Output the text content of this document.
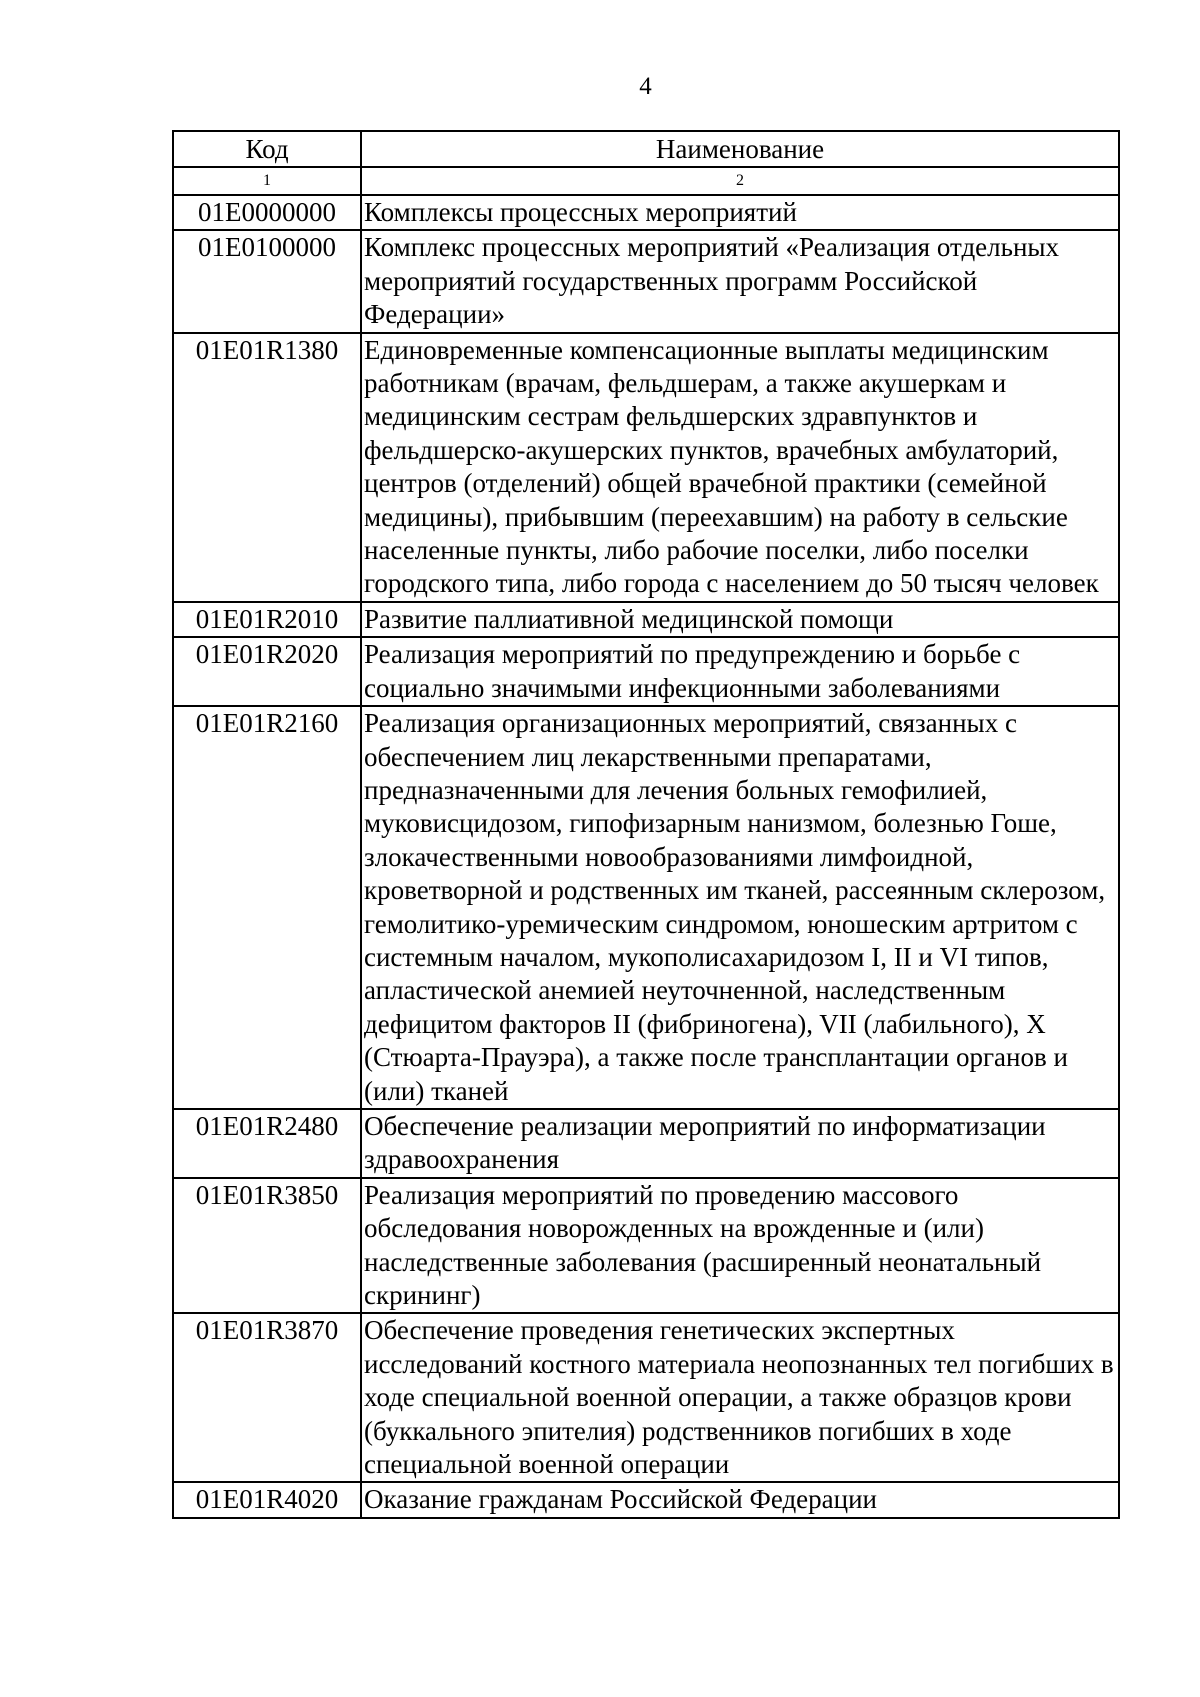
4
Код	Наименование
1	2
01Е0000000	Комплексы процессных мероприятий
01Е0100000	Комплекс процессных мероприятий «Реализация отдельных мероприятий государственных программ Российской Федерации»
01Е01R1380	Единовременные компенсационные выплаты медицинским работникам (врачам, фельдшерам, а также акушеркам и медицинским сестрам фельдшерских здравпунктов и фельдшерско-акушерских пунктов, врачебных амбулаторий, центров (отделений) общей врачебной практики (семейной медицины), прибывшим (переехавшим) на работу в сельские населенные пункты, либо рабочие поселки, либо поселки городского типа, либо города с населением до 50 тысяч человек
01Е01R2010	Развитие паллиативной медицинской помощи
01Е01R2020	Реализация мероприятий по предупреждению и борьбе с социально значимыми инфекционными заболеваниями
01Е01R2160	Реализация организационных мероприятий, связанных с обеспечением лиц лекарственными препаратами, предназначенными для лечения больных гемофилией, муковисцидозом, гипофизарным нанизмом, болезнью Гоше, злокачественными новообразованиями лимфоидной, кроветворной и родственных им тканей, рассеянным склерозом, гемолитико-уремическим синдромом, юношеским артритом с системным началом, мукополисахаридозом I, II и VI типов, апластической анемией неуточненной, наследственным дефицитом факторов II (фибриногена), VII (лабильного), X (Стюарта-Прауэра), а также после трансплантации органов и (или) тканей
01Е01R2480	Обеспечение реализации мероприятий по информатизации здравоохранения
01Е01R3850	Реализация мероприятий по проведению массового обследования новорожденных на врожденные и (или) наследственные заболевания (расширенный неонатальный скрининг)
01Е01R3870	Обеспечение проведения генетических экспертных исследований костного материала неопознанных тел погибших в ходе специальной военной операции, а также образцов крови (буккального эпителия) родственников погибших в ходе специальной военной операции
01Е01R4020	Оказание гражданам Российской Федерации
